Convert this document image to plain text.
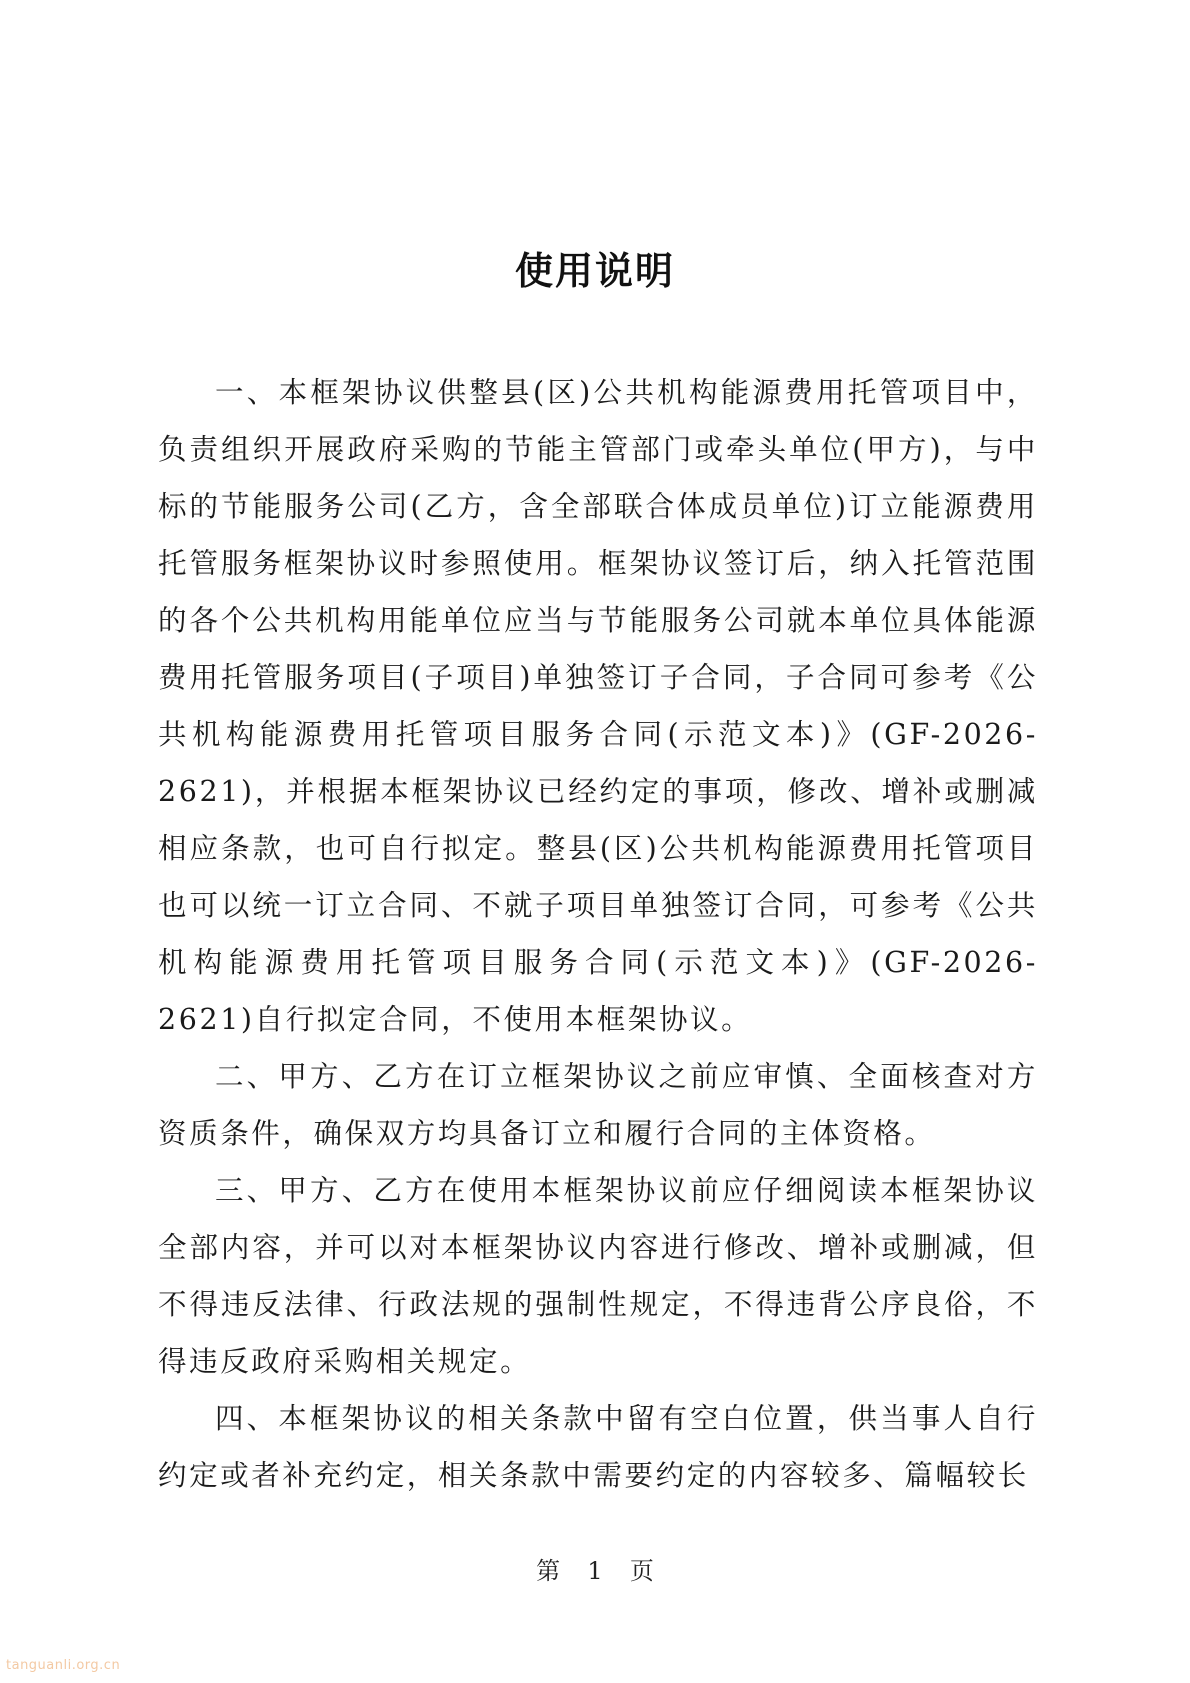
使用说明

一、本框架协议供整县(区)公共机构能源费用托管项目中，负责组织开展政府采购的节能主管部门或牵头单位(甲方)，与中标的节能服务公司(乙方，含全部联合体成员单位)订立能源费用托管服务框架协议时参照使用。框架协议签订后，纳入托管范围的各个公共机构用能单位应当与节能服务公司就本单位具体能源费用托管服务项目(子项目)单独签订子合同，子合同可参考《公共机构能源费用托管项目服务合同(示范文本)》(GF-2026-2621)，并根据本框架协议已经约定的事项，修改、增补或删减相应条款，也可自行拟定。整县(区)公共机构能源费用托管项目也可以统一订立合同、不就子项目单独签订合同，可参考《公共机构能源费用托管项目服务合同(示范文本)》(GF-2026-2621)自行拟定合同，不使用本框架协议。

二、甲方、乙方在订立框架协议之前应审慎、全面核查对方资质条件，确保双方均具备订立和履行合同的主体资格。

三、甲方、乙方在使用本框架协议前应仔细阅读本框架协议全部内容，并可以对本框架协议内容进行修改、增补或删减，但不得违反法律、行政法规的强制性规定，不得违背公序良俗，不得违反政府采购相关规定。

四、本框架协议的相关条款中留有空白位置，供当事人自行约定或者补充约定，相关条款中需要约定的内容较多、篇幅较长

第 1 页
tanguanli.org.cn
